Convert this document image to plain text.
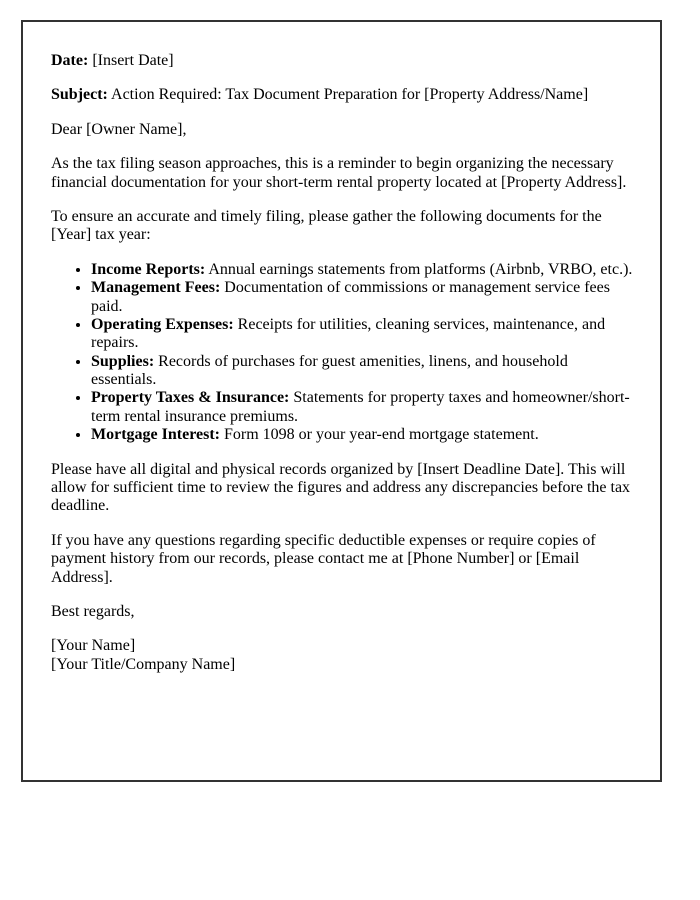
Date: [Insert Date]

Subject: Action Required: Tax Document Preparation for [Property Address/Name]

Dear [Owner Name],

As the tax filing season approaches, this is a reminder to begin organizing the necessary financial documentation for your short-term rental property located at [Property Address].

To ensure an accurate and timely filing, please gather the following documents for the [Year] tax year:

• Income Reports: Annual earnings statements from platforms (Airbnb, VRBO, etc.).
• Management Fees: Documentation of commissions or management service fees paid.
• Operating Expenses: Receipts for utilities, cleaning services, maintenance, and repairs.
• Supplies: Records of purchases for guest amenities, linens, and household essentials.
• Property Taxes & Insurance: Statements for property taxes and homeowner/short-term rental insurance premiums.
• Mortgage Interest: Form 1098 or your year-end mortgage statement.

Please have all digital and physical records organized by [Insert Deadline Date]. This will allow for sufficient time to review the figures and address any discrepancies before the tax deadline.

If you have any questions regarding specific deductible expenses or require copies of payment history from our records, please contact me at [Phone Number] or [Email Address].

Best regards,

[Your Name]
[Your Title/Company Name]
